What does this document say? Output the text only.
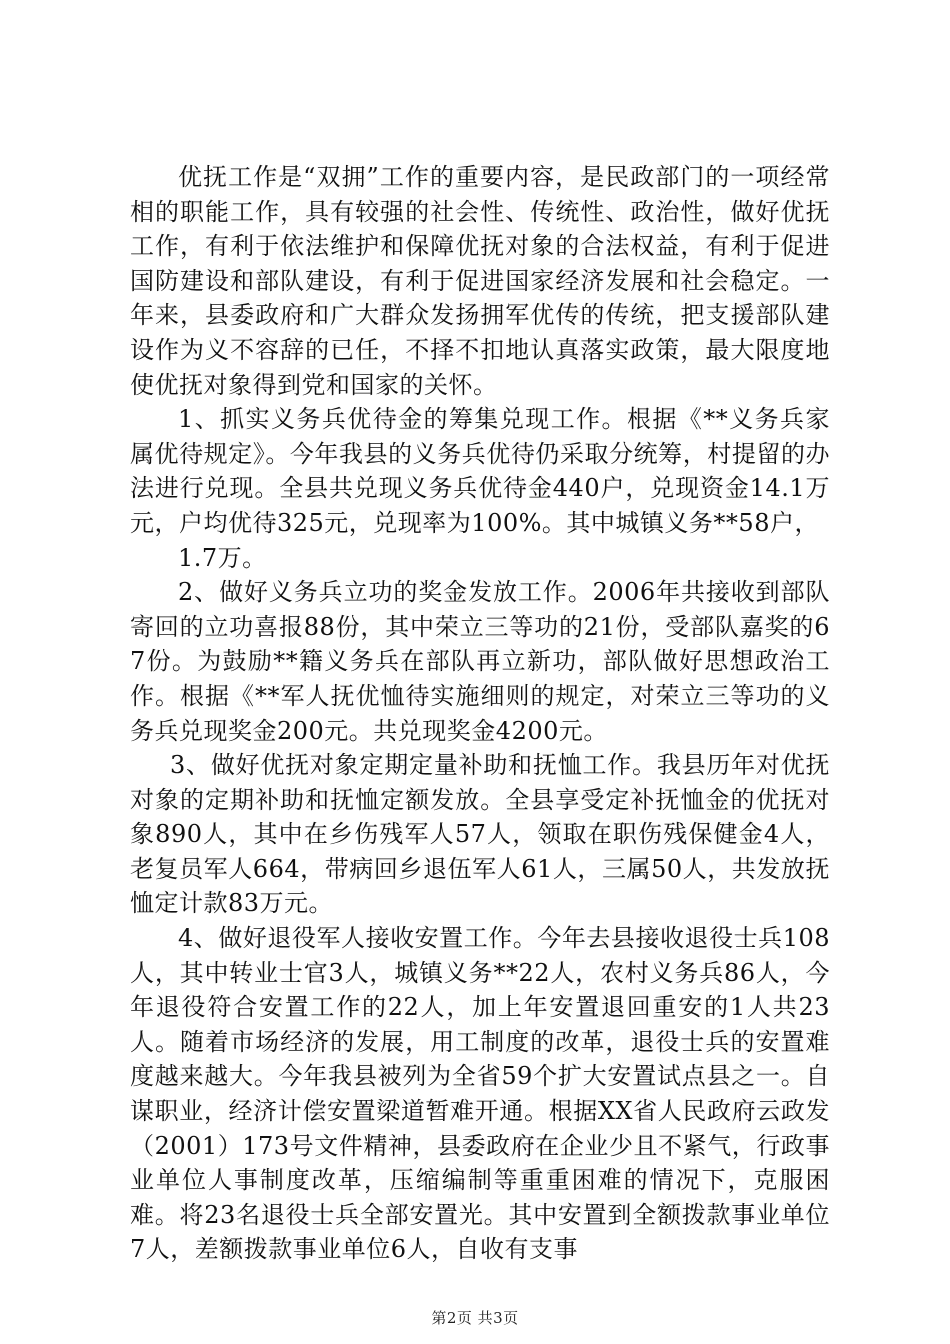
优抚工作是“双拥”工作的重要内容，是民政部门的一项经常相的职能工作，具有较强的社会性、传统性、政治性，做好优抚工作，有利于依法维护和保障优抚对象的合法权益，有利于促进国防建设和部队建设，有利于促进国家经济发展和社会稳定。一年来，县委政府和广大群众发扬拥军优传的传统，把支援部队建设作为义不容辞的已任，不择不扣地认真落实政策，最大限度地使优抚对象得到党和国家的关怀。

1、抓实义务兵优待金的筹集兑现工作。根据《**义务兵家属优待规定》。今年我县的义务兵优待仍采取分统筹，村提留的办法进行兑现。全县共兑现义务兵优待金440户，兑现资金14.1万元，户均优待325元，兑现率为100%。其中城镇义务**58户，

1.7万。

2、做好义务兵立功的奖金发放工作。2006年共接收到部队寄回的立功喜报88份，其中荣立三等功的21份，受部队嘉奖的67份。为鼓励**籍义务兵在部队再立新功，部队做好思想政治工作。根据《**军人抚优恤待实施细则的规定，对荣立三等功的义务兵兑现奖金200元。共兑现奖金4200元。

3、做好优抚对象定期定量补助和抚恤工作。我县历年对优抚对象的定期补助和抚恤定额发放。全县享受定补抚恤金的优抚对象890人，其中在乡伤残军人57人，领取在职伤残保健金4人，老复员军人664，带病回乡退伍军人61人，三属50人，共发放抚恤定计款83万元。

4、做好退役军人接收安置工作。今年去县接收退役士兵108人，其中转业士官3人，城镇义务**22人，农村义务兵86人，今年退役符合安置工作的22人，加上年安置退回重安的1人共23人。随着市场经济的发展，用工制度的改革，退役士兵的安置难度越来越大。今年我县被列为全省59个扩大安置试点县之一。自谋职业，经济计偿安置梁道暂难开通。根据XX省人民政府云政发（2001）173号文件精神，县委政府在企业少且不紧气，行政事业单位人事制度改革，压缩编制等重重困难的情况下，克服困难。将23名退役士兵全部安置光。其中安置到全额拨款事业单位7人，差额拨款事业单位6人，自收有支事

第2页 共3页
